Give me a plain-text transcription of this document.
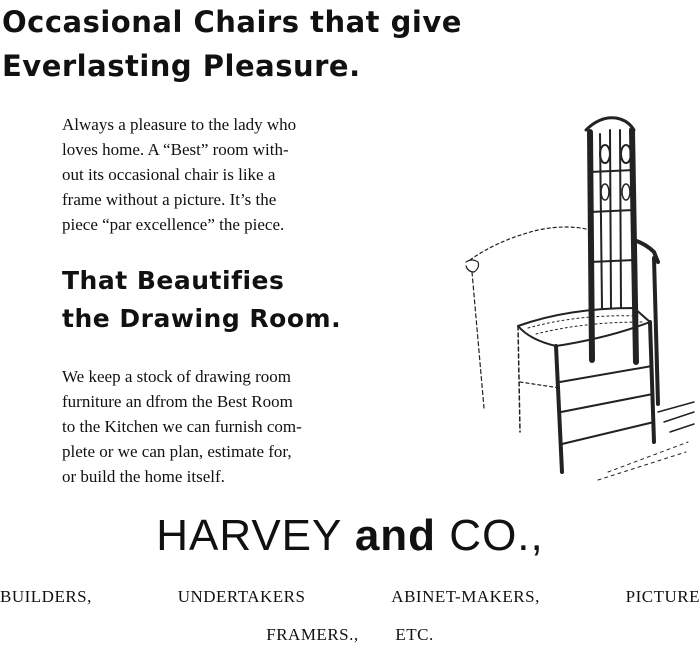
Occasional Chairs that give
Everlasting Pleasure.

Always a pleasure to the lady who
loves home. A “Best” room with-
out its occasional chair is like a
frame without a picture. It’s the
piece “par excellence” the piece.

That Beautifies
the Drawing Room.

We keep a stock of drawing room
furniture an dfrom the Best Room
to the Kitchen we can furnish com-
plete or we can plan, estimate for,
or build the home itself.

HARVEY and CO.,
BUILDERS,	UNDERTAKERS	ABINET-MAKERS,	PICTURE
FRAMERS., ETC.
